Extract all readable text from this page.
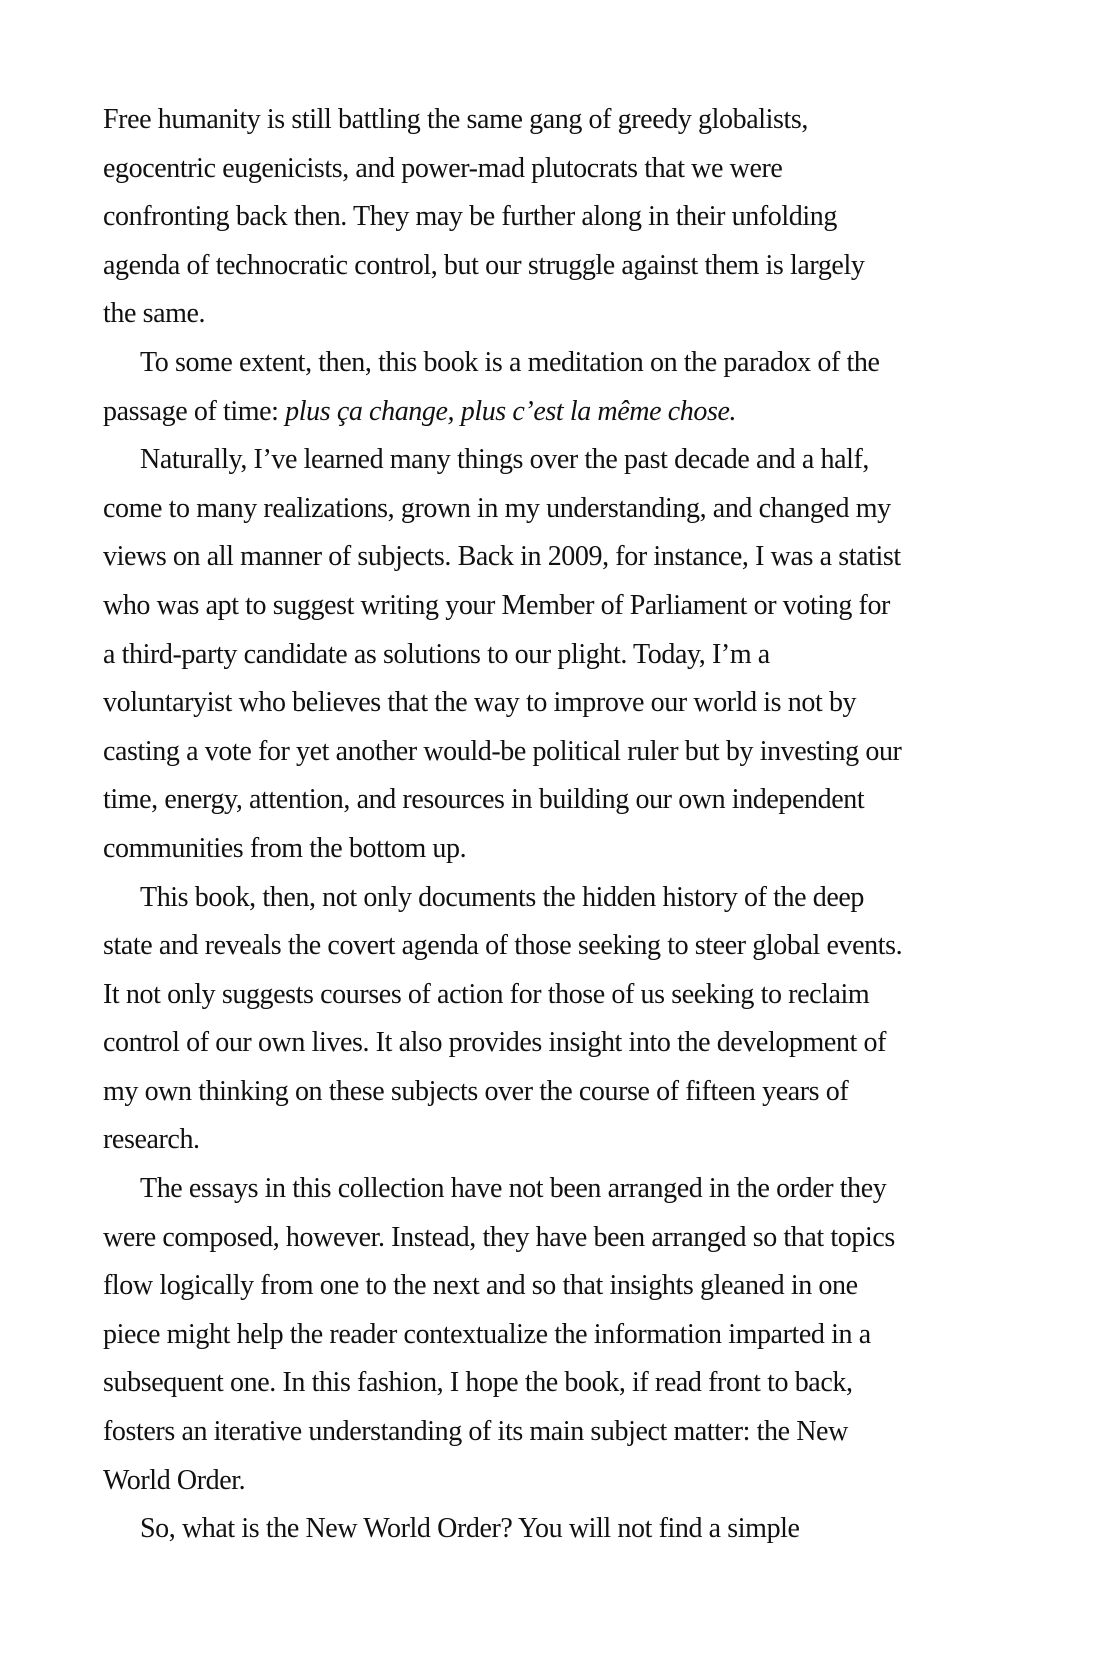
Free humanity is still battling the same gang of greedy globalists,
egocentric eugenicists, and power-mad plutocrats that we were
confronting back then. They may be further along in their unfolding
agenda of technocratic control, but our struggle against them is largely
the same.
To some extent, then, this book is a meditation on the paradox of the
passage of time: plus ça change, plus c’est la même chose.
Naturally, I’ve learned many things over the past decade and a half,
come to many realizations, grown in my understanding, and changed my
views on all manner of subjects. Back in 2009, for instance, I was a statist
who was apt to suggest writing your Member of Parliament or voting for
a third-party candidate as solutions to our plight. Today, I’m a
voluntaryist who believes that the way to improve our world is not by
casting a vote for yet another would-be political ruler but by investing our
time, energy, attention, and resources in building our own independent
communities from the bottom up.
This book, then, not only documents the hidden history of the deep
state and reveals the covert agenda of those seeking to steer global events.
It not only suggests courses of action for those of us seeking to reclaim
control of our own lives. It also provides insight into the development of
my own thinking on these subjects over the course of fifteen years of
research.
The essays in this collection have not been arranged in the order they
were composed, however. Instead, they have been arranged so that topics
flow logically from one to the next and so that insights gleaned in one
piece might help the reader contextualize the information imparted in a
subsequent one. In this fashion, I hope the book, if read front to back,
fosters an iterative understanding of its main subject matter: the New
World Order.
So, what is the New World Order? You will not find a simple
